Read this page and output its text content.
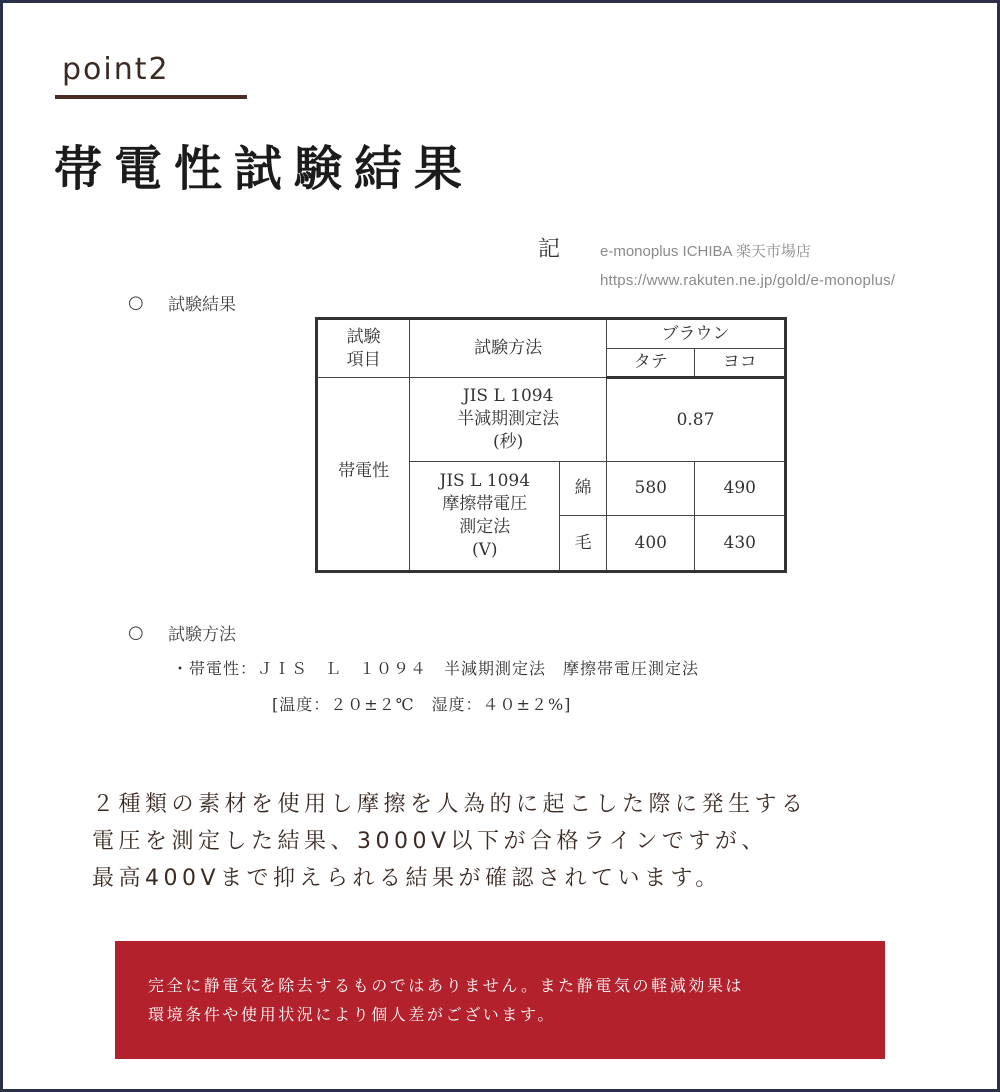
point2
帯電性試験結果
記	e-monoplus ICHIBA 楽天市場店
https://www.rakuten.ne.jp/gold/e-monoplus/
○	試験結果
試験
項目	試験方法		ブラウン	
			タテ	ヨコ
帯電性	JIS L 1094
半減期測定法
(秒)		0.87	

	JIS L 1094
摩擦帯電圧
測定法
(V)	綿	580	490
		毛	400	430
○	試験方法
・帯電性：ＪＩＳ　Ｌ　１０９４　半減期測定法　摩擦帯電圧測定法
[温度：２０±２℃　湿度：４０±２%]
２種類の素材を使用し摩擦を人為的に起こした際に発生する
電圧を測定した結果、3000V以下が合格ラインですが、
最高400Vまで抑えられる結果が確認されています。
完全に静電気を除去するものではありません。また静電気の軽減効果は
環境条件や使用状況により個人差がございます。
